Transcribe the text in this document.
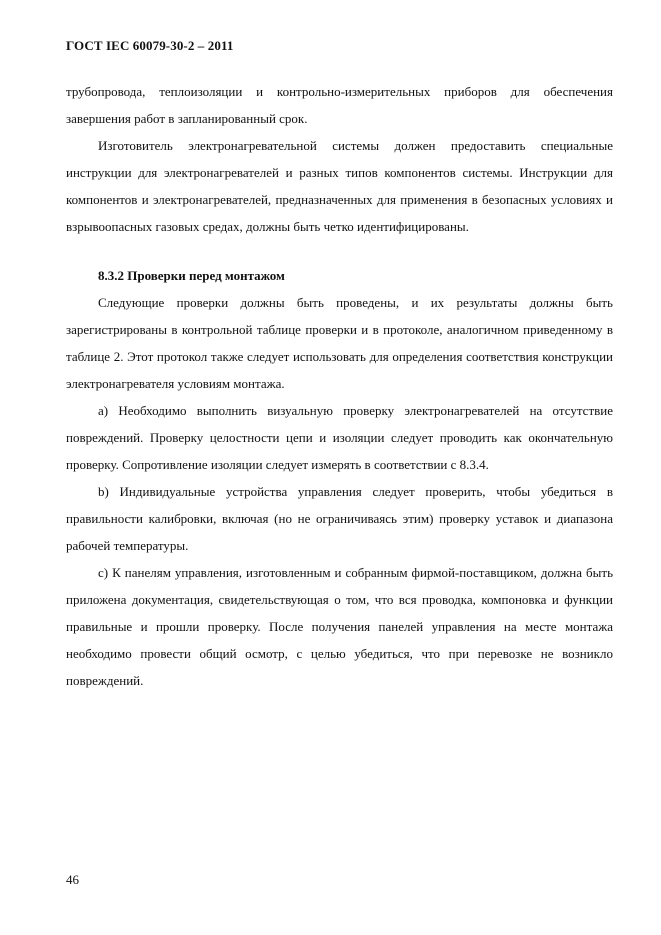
ГОСТ IEC 60079-30-2 – 2011

трубопровода, теплоизоляции и контрольно-измерительных приборов для обеспечения завершения работ в запланированный срок.

Изготовитель электронагревательной системы должен предоставить специальные инструкции для электронагревателей и разных типов компонентов системы. Инструкции для компонентов и электронагревателей, предназначенных для применения в безопасных условиях и взрывоопасных газовых средах, должны быть четко идентифицированы.

8.3.2 Проверки перед монтажом

Следующие проверки должны быть проведены, и их результаты должны быть зарегистрированы в контрольной таблице проверки и в протоколе, аналогичном приведенному в таблице 2. Этот протокол также следует использовать для определения соответствия конструкции электронагревателя условиям монтажа.

а) Необходимо выполнить визуальную проверку электронагревателей на отсутствие повреждений. Проверку целостности цепи и изоляции следует проводить как окончательную проверку. Сопротивление изоляции следует измерять в соответствии с 8.3.4.

b) Индивидуальные устройства управления следует проверить, чтобы убедиться в правильности калибровки, включая (но не ограничиваясь этим) проверку уставок и диапазона рабочей температуры.

с) К панелям управления, изготовленным и собранным фирмой-поставщиком, должна быть приложена документация, свидетельствующая о том, что вся проводка, компоновка и функции правильные и прошли проверку. После получения панелей управления на месте монтажа необходимо провести общий осмотр, с целью убедиться, что при перевозке не возникло повреждений.

46
